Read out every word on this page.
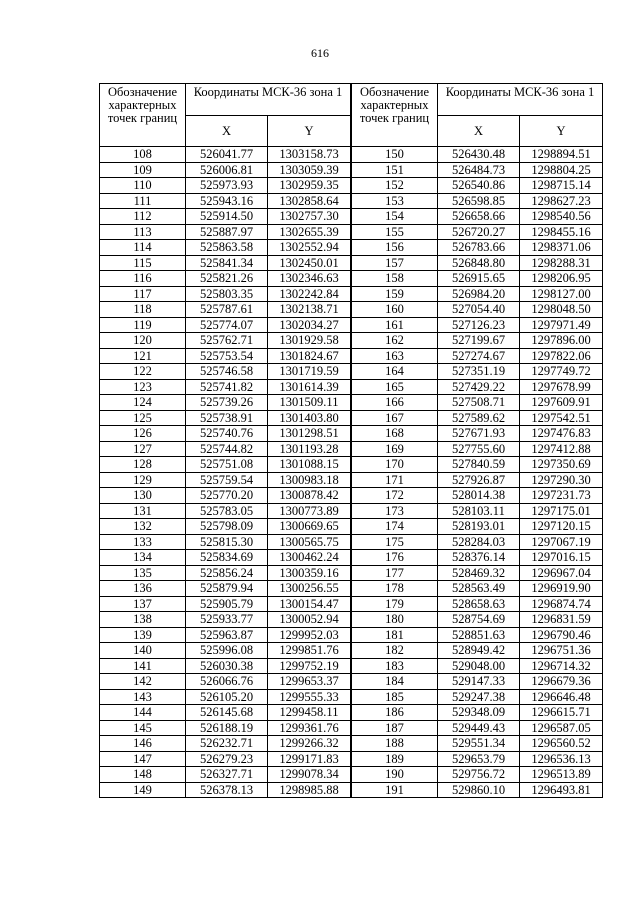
616
Обозначение характерных точек границ	Координаты МСК-36 зона 1	
	X	Y
108	526041.77	1303158.73
109	526006.81	1303059.39
110	525973.93	1302959.35
111	525943.16	1302858.64
112	525914.50	1302757.30
113	525887.97	1302655.39
114	525863.58	1302552.94
115	525841.34	1302450.01
116	525821.26	1302346.63
117	525803.35	1302242.84
118	525787.61	1302138.71
119	525774.07	1302034.27
120	525762.71	1301929.58
121	525753.54	1301824.67
122	525746.58	1301719.59
123	525741.82	1301614.39
124	525739.26	1301509.11
125	525738.91	1301403.80
126	525740.76	1301298.51
127	525744.82	1301193.28
128	525751.08	1301088.15
129	525759.54	1300983.18
130	525770.20	1300878.42
131	525783.05	1300773.89
132	525798.09	1300669.65
133	525815.30	1300565.75
134	525834.69	1300462.24
135	525856.24	1300359.16
136	525879.94	1300256.55
137	525905.79	1300154.47
138	525933.77	1300052.94
139	525963.87	1299952.03
140	525996.08	1299851.76
141	526030.38	1299752.19
142	526066.76	1299653.37
143	526105.20	1299555.33
144	526145.68	1299458.11
145	526188.19	1299361.76
146	526232.71	1299266.32
147	526279.23	1299171.83
148	526327.71	1299078.34
149	526378.13	1298985.88
Обозначение характерных точек границ	Координаты МСК-36 зона 1	
	X	Y
150	526430.48	1298894.51
151	526484.73	1298804.25
152	526540.86	1298715.14
153	526598.85	1298627.23
154	526658.66	1298540.56
155	526720.27	1298455.16
156	526783.66	1298371.06
157	526848.80	1298288.31
158	526915.65	1298206.95
159	526984.20	1298127.00
160	527054.40	1298048.50
161	527126.23	1297971.49
162	527199.67	1297896.00
163	527274.67	1297822.06
164	527351.19	1297749.72
165	527429.22	1297678.99
166	527508.71	1297609.91
167	527589.62	1297542.51
168	527671.93	1297476.83
169	527755.60	1297412.88
170	527840.59	1297350.69
171	527926.87	1297290.30
172	528014.38	1297231.73
173	528103.11	1297175.01
174	528193.01	1297120.15
175	528284.03	1297067.19
176	528376.14	1297016.15
177	528469.32	1296967.04
178	528563.49	1296919.90
179	528658.63	1296874.74
180	528754.69	1296831.59
181	528851.63	1296790.46
182	528949.42	1296751.36
183	529048.00	1296714.32
184	529147.33	1296679.36
185	529247.38	1296646.48
186	529348.09	1296615.71
187	529449.43	1296587.05
188	529551.34	1296560.52
189	529653.79	1296536.13
190	529756.72	1296513.89
191	529860.10	1296493.81
